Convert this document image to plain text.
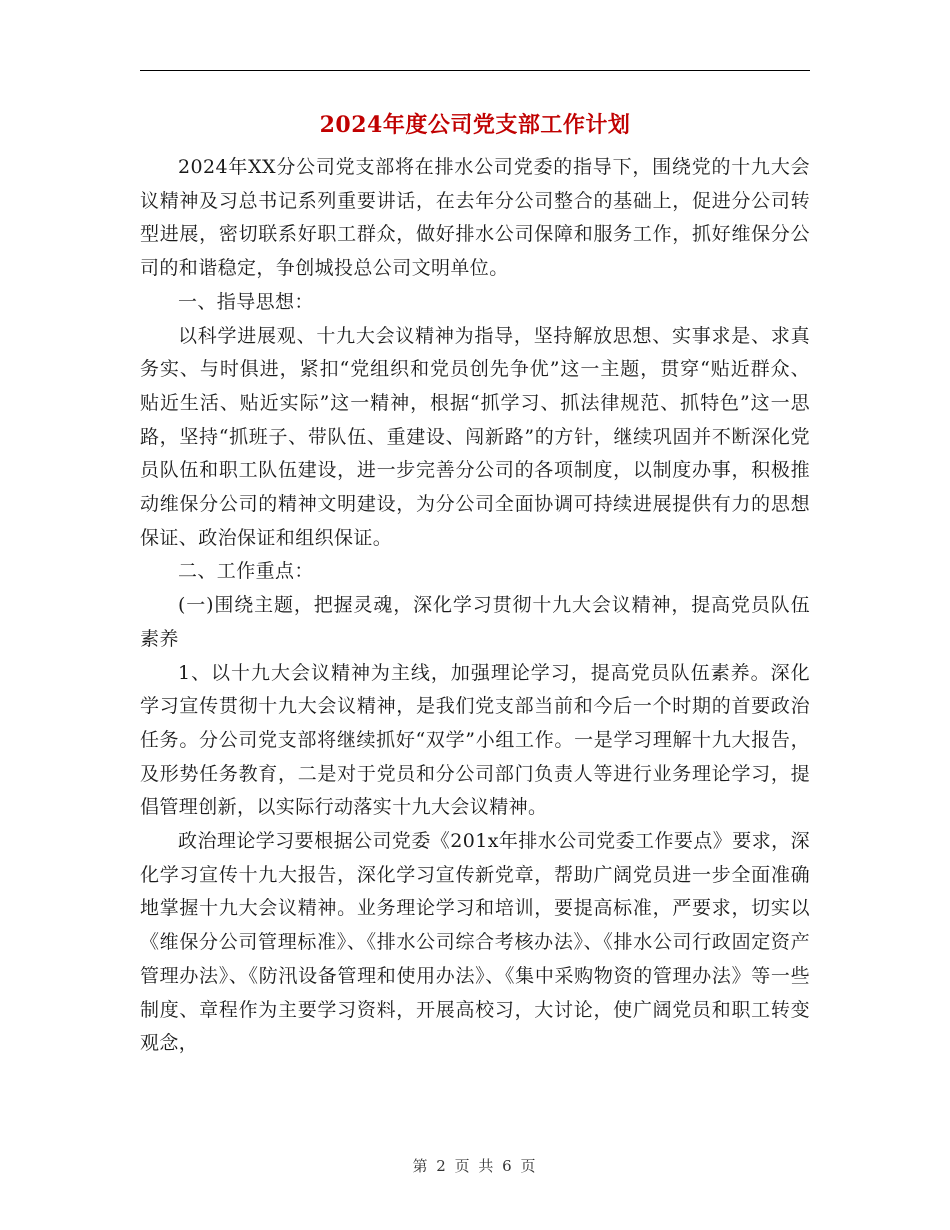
2024年度公司党支部工作计划

2024年XX分公司党支部将在排水公司党委的指导下，围绕党的十九大会议精神及习总书记系列重要讲话，在去年分公司整合的基础上，促进分公司转型进展，密切联系好职工群众，做好排水公司保障和服务工作，抓好维保分公司的和谐稳定，争创城投总公司文明单位。

一、指导思想：

以科学进展观、十九大会议精神为指导，坚持解放思想、实事求是、求真务实、与时俱进，紧扣“党组织和党员创先争优”这一主题，贯穿“贴近群众、贴近生活、贴近实际”这一精神，根据“抓学习、抓法律规范、抓特色”这一思路，坚持“抓班子、带队伍、重建设、闯新路”的方针，继续巩固并不断深化党员队伍和职工队伍建设，进一步完善分公司的各项制度，以制度办事，积极推动维保分公司的精神文明建设，为分公司全面协调可持续进展提供有力的思想保证、政治保证和组织保证。

二、工作重点：

(一)围绕主题，把握灵魂，深化学习贯彻十九大会议精神，提高党员队伍素养

1、以十九大会议精神为主线，加强理论学习，提高党员队伍素养。深化学习宣传贯彻十九大会议精神，是我们党支部当前和今后一个时期的首要政治任务。分公司党支部将继续抓好“双学”小组工作。一是学习理解十九大报告，及形势任务教育，二是对于党员和分公司部门负责人等进行业务理论学习，提倡管理创新，以实际行动落实十九大会议精神。

政治理论学习要根据公司党委《201x年排水公司党委工作要点》要求，深化学习宣传十九大报告，深化学习宣传新党章，帮助广阔党员进一步全面准确地掌握十九大会议精神。业务理论学习和培训，要提高标准，严要求，切实以《维保分公司管理标准》、《排水公司综合考核办法》、《排水公司行政固定资产管理办法》、《防汛设备管理和使用办法》、《集中采购物资的管理办法》等一些制度、章程作为主要学习资料，开展高校习，大讨论，使广阔党员和职工转变观念，

第 2 页 共 6 页
